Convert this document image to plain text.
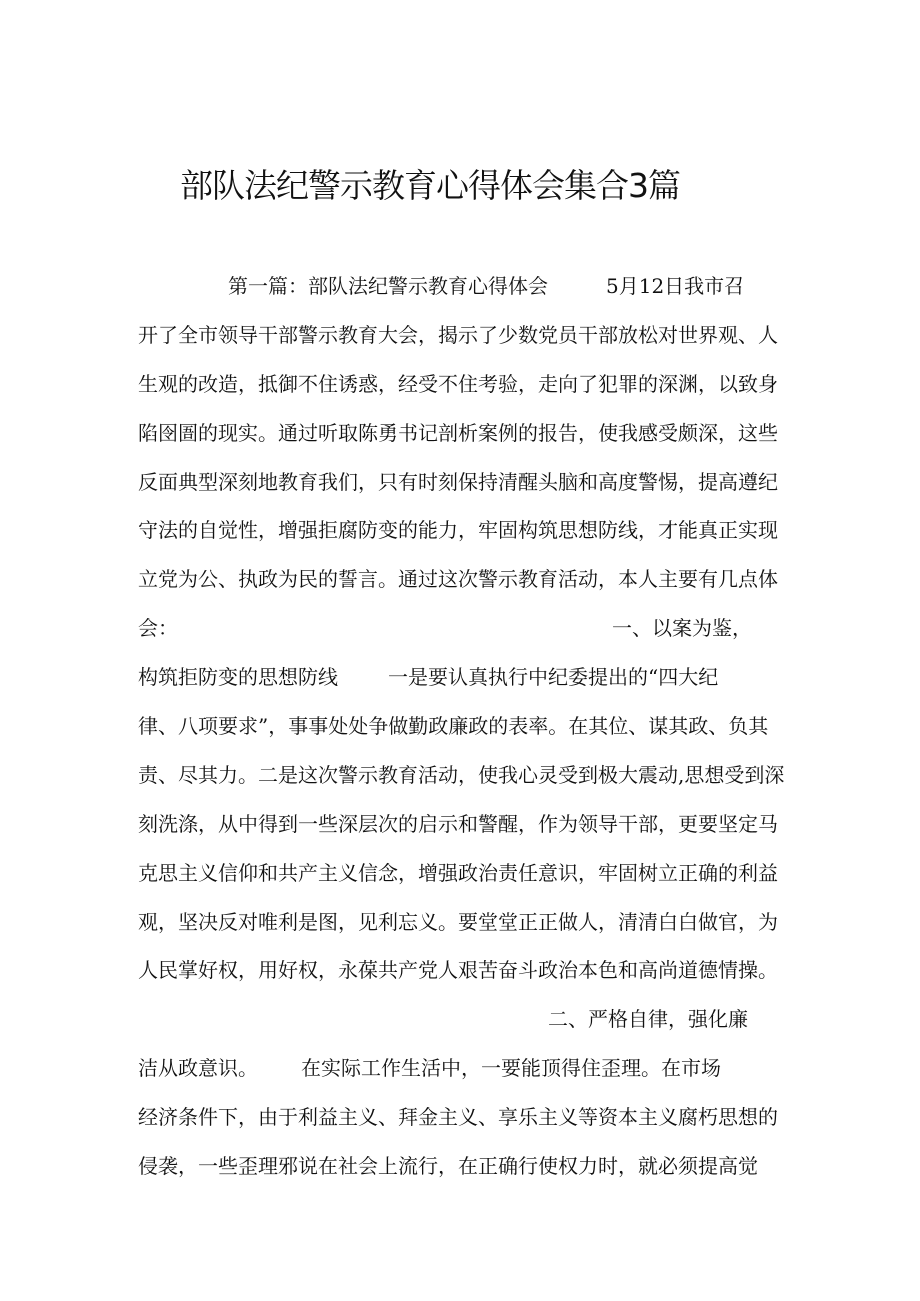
部队法纪警示教育心得体会集合3篇
第一篇：部队法纪警示教育心得体会	5月12日我市召
开了全市领导干部警示教育大会，揭示了少数党员干部放松对世界观、人
生观的改造，抵御不住诱惑，经受不住考验，走向了犯罪的深渊，以致身
陷囹圄的现实。通过听取陈勇书记剖析案例的报告，使我感受颇深，这些
反面典型深刻地教育我们，只有时刻保持清醒头脑和高度警惕，提高遵纪
守法的自觉性，增强拒腐防变的能力，牢固构筑思想防线，才能真正实现
立党为公、执政为民的誓言。通过这次警示教育活动，本人主要有几点体
会：	一、以案为鉴，
构筑拒防变的思想防线	一是要认真执行中纪委提出的“四大纪
律、八项要求”，事事处处争做勤政廉政的表率。在其位、谋其政、负其
责、尽其力。二是这次警示教育活动，使我心灵受到极大震动,思想受到深
刻洗涤，从中得到一些深层次的启示和警醒，作为领导干部，更要坚定马
克思主义信仰和共产主义信念，增强政治责任意识，牢固树立正确的利益
观，坚决反对唯利是图，见利忘义。要堂堂正正做人，清清白白做官，为
人民掌好权，用好权，永葆共产党人艰苦奋斗政治本色和高尚道德情操。
二、严格自律，强化廉
洁从政意识。 在实际工作生活中，一要能顶得住歪理。在市场
经济条件下，由于利益主义、拜金主义、享乐主义等资本主义腐朽思想的
侵袭，一些歪理邪说在社会上流行，在正确行使权力时，就必须提高觉
